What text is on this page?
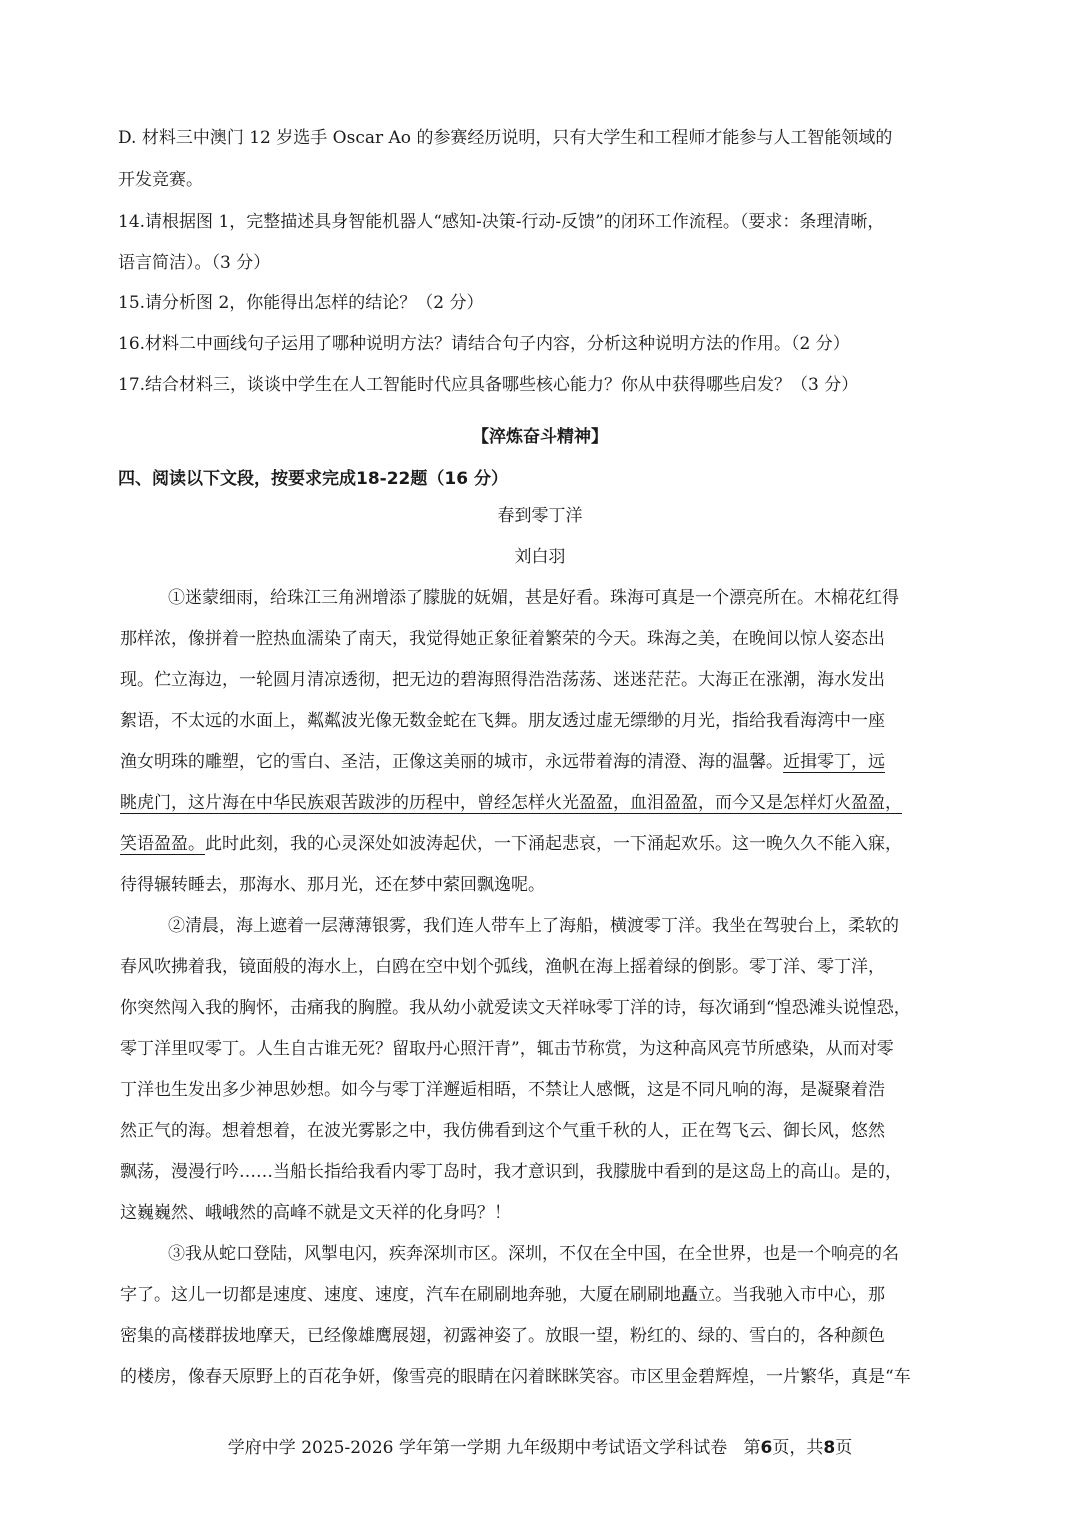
D. 材料三中澳门 12 岁选手 Oscar Ao 的参赛经历说明，只有大学生和工程师才能参与人工智能领域的
开发竞赛。
14.请根据图 1，完整描述具身智能机器人“感知-决策-行动-反馈”的闭环工作流程。（要求：条理清晰，
语言简洁）。（3 分）
15.请分析图 2，你能得出怎样的结论？（2 分）
16.材料二中画线句子运用了哪种说明方法？请结合句子内容，分析这种说明方法的作用。（2 分）
17.结合材料三，谈谈中学生在人工智能时代应具备哪些核心能力？你从中获得哪些启发？（3 分）
【淬炼奋斗精神】
四、阅读以下文段，按要求完成18-22题（16 分）
春到零丁洋
刘白羽
①迷蒙细雨，给珠江三角洲增添了朦胧的妩媚，甚是好看。珠海可真是一个漂亮所在。木棉花红得
那样浓，像拼着一腔热血濡染了南天，我觉得她正象征着繁荣的今天。珠海之美，在晚间以惊人姿态出
现。伫立海边，一轮圆月清凉透彻，把无边的碧海照得浩浩荡荡、迷迷茫茫。大海正在涨潮，海水发出
絮语，不太远的水面上，粼粼波光像无数金蛇在飞舞。朋友透过虚无缥缈的月光，指给我看海湾中一座
渔女明珠的雕塑，它的雪白、圣洁，正像这美丽的城市，永远带着海的清澄、海的温馨。近揖零丁，远
眺虎门，这片海在中华民族艰苦跋涉的历程中，曾经怎样火光盈盈，血泪盈盈，而今又是怎样灯火盈盈，
笑语盈盈。此时此刻，我的心灵深处如波涛起伏，一下涌起悲哀，一下涌起欢乐。这一晚久久不能入寐，
待得辗转睡去，那海水、那月光，还在梦中萦回飘逸呢。
②清晨，海上遮着一层薄薄银雾，我们连人带车上了海船，横渡零丁洋。我坐在驾驶台上，柔软的
春风吹拂着我，镜面般的海水上，白鸥在空中划个弧线，渔帆在海上摇着绿的倒影。零丁洋、零丁洋，
你突然闯入我的胸怀，击痛我的胸膛。我从幼小就爱读文天祥咏零丁洋的诗，每次诵到“惶恐滩头说惶恐，
零丁洋里叹零丁。人生自古谁无死？留取丹心照汗青”，辄击节称赏，为这种高风亮节所感染，从而对零
丁洋也生发出多少神思妙想。如今与零丁洋邂逅相晤，不禁让人感慨，这是不同凡响的海，是凝聚着浩
然正气的海。想着想着，在波光雾影之中，我仿佛看到这个气重千秋的人，正在驾飞云、御长风，悠然
飘荡，漫漫行吟……当船长指给我看内零丁岛时，我才意识到，我朦胧中看到的是这岛上的高山。是的，
这巍巍然、峨峨然的高峰不就是文天祥的化身吗？！
③我从蛇口登陆，风掣电闪，疾奔深圳市区。深圳，不仅在全中国，在全世界，也是一个响亮的名
字了。这儿一切都是速度、速度、速度，汽车在刷刷地奔驰，大厦在刷刷地矗立。当我驰入市中心，那
密集的高楼群拔地摩天，已经像雄鹰展翅，初露神姿了。放眼一望，粉红的、绿的、雪白的，各种颜色
的楼房，像春天原野上的百花争妍，像雪亮的眼睛在闪着眯眯笑容。市区里金碧辉煌，一片繁华，真是“车
学府中学 2025-2026 学年第一学期 九年级期中考试语文学科试卷 第6页，共8页
